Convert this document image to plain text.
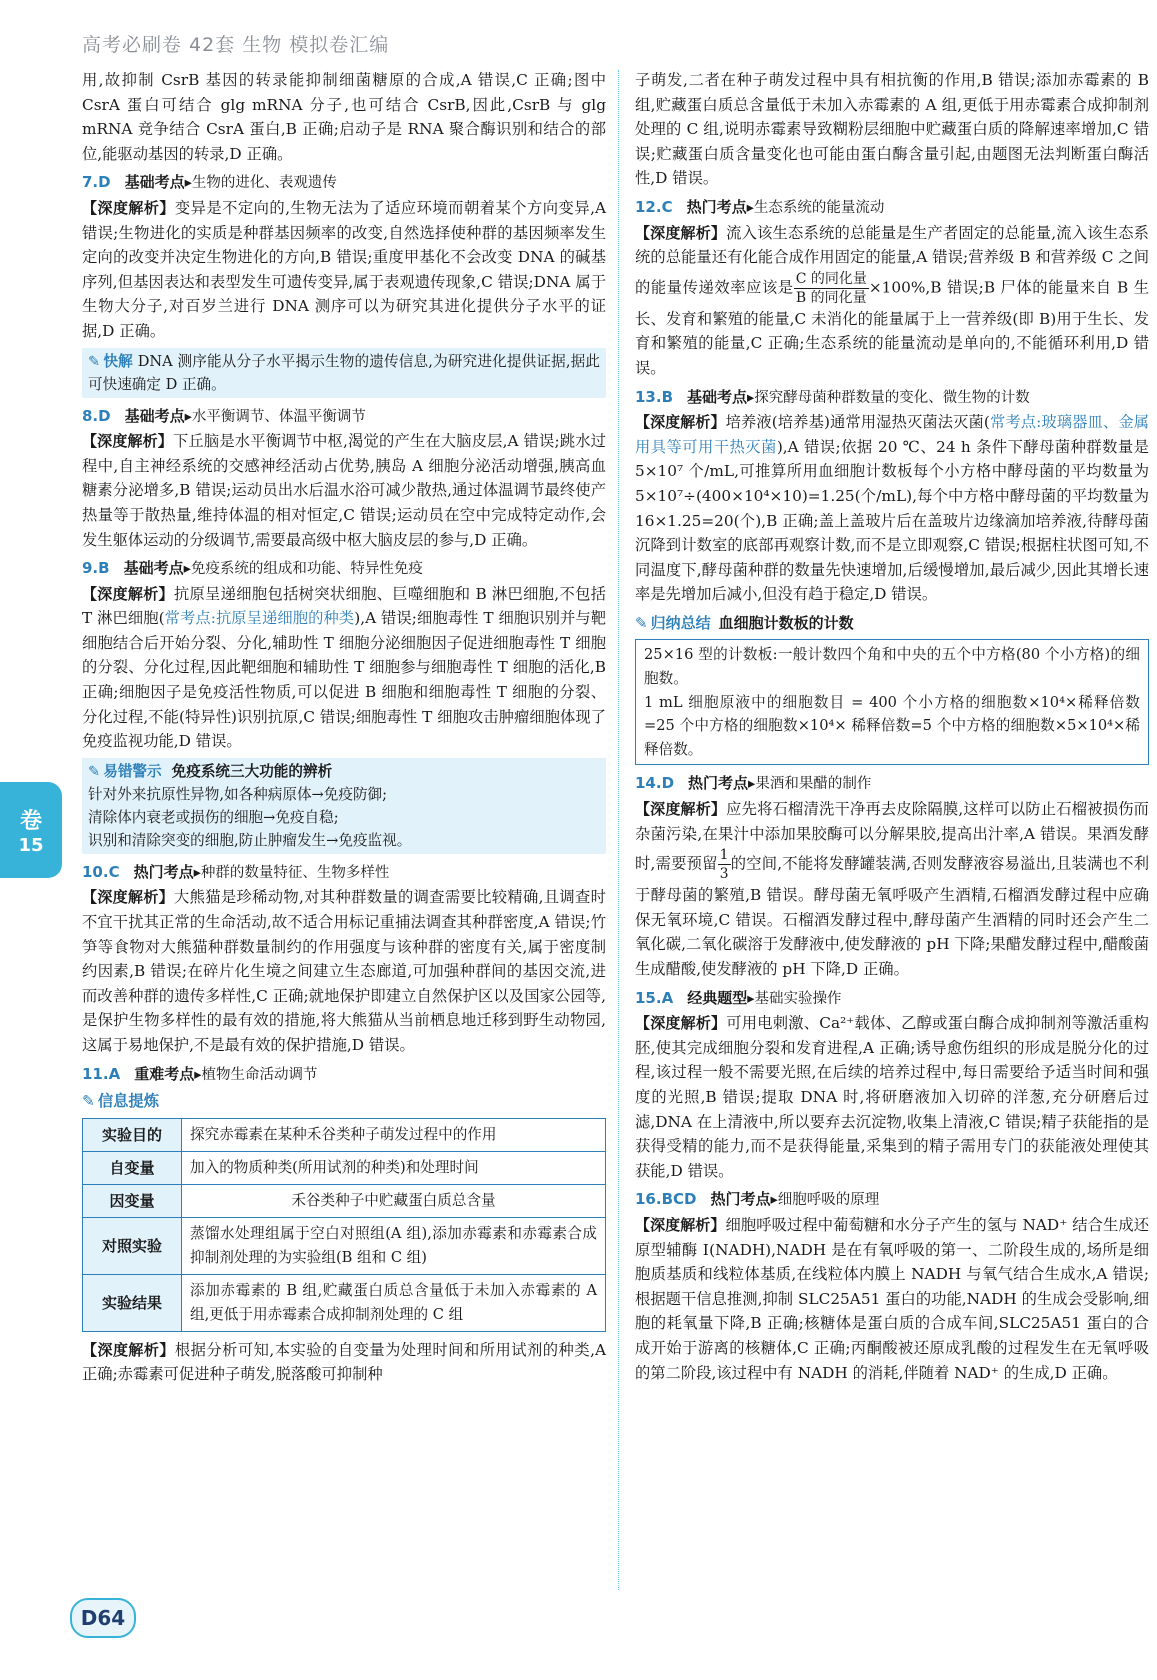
高考必刷卷 42套 生物 模拟卷汇编
卷
15
D64

用,故抑制 CsrB 基因的转录能抑制细菌糖原的合成,A 错误,C 正确;图中 CsrA 蛋白可结合 glg mRNA 分子,也可结合 CsrB,因此,CsrB 与 glg mRNA 竞争结合 CsrA 蛋白,B 正确;启动子是 RNA 聚合酶识别和结合的部位,能驱动基因的转录,D 正确。

7.D 基础考点▸生物的进化、表观遗传

【深度解析】变异是不定向的,生物无法为了适应环境而朝着某个方向变异,A 错误;生物进化的实质是种群基因频率的改变,自然选择使种群的基因频率发生定向的改变并决定生物进化的方向,B 错误;重度甲基化不会改变 DNA 的碱基序列,但基因表达和表型发生可遗传变异,属于表观遗传现象,C 错误;DNA 属于生物大分子,对百岁兰进行 DNA 测序可以为研究其进化提供分子水平的证据,D 正确。

✎ 快解 DNA 测序能从分子水平揭示生物的遗传信息,为研究进化提供证据,据此可快速确定 D 正确。
8.D 基础考点▸水平衡调节、体温平衡调节

【深度解析】下丘脑是水平衡调节中枢,渴觉的产生在大脑皮层,A 错误;跳水过程中,自主神经系统的交感神经活动占优势,胰岛 A 细胞分泌活动增强,胰高血糖素分泌增多,B 错误;运动员出水后温水浴可减少散热,通过体温调节最终使产热量等于散热量,维持体温的相对恒定,C 错误;运动员在空中完成特定动作,会发生躯体运动的分级调节,需要最高级中枢大脑皮层的参与,D 正确。

9.B 基础考点▸免疫系统的组成和功能、特异性免疫

【深度解析】抗原呈递细胞包括树突状细胞、巨噬细胞和 B 淋巴细胞,不包括 T 淋巴细胞(常考点:抗原呈递细胞的种类),A 错误;细胞毒性 T 细胞识别并与靶细胞结合后开始分裂、分化,辅助性 T 细胞分泌细胞因子促进细胞毒性 T 细胞的分裂、分化过程,因此靶细胞和辅助性 T 细胞参与细胞毒性 T 细胞的活化,B 正确;细胞因子是免疫活性物质,可以促进 B 细胞和细胞毒性 T 细胞的分裂、分化过程,不能(特异性)识别抗原,C 错误;细胞毒性 T 细胞攻击肿瘤细胞体现了免疫监视功能,D 错误。

✎ 易错警示 免疫系统三大功能的辨析

针对外来抗原性异物,如各种病原体→免疫防御;

清除体内衰老或损伤的细胞→免疫自稳;

识别和清除突变的细胞,防止肿瘤发生→免疫监视。

10.C 热门考点▸种群的数量特征、生物多样性

【深度解析】大熊猫是珍稀动物,对其种群数量的调查需要比较精确,且调查时不宜干扰其正常的生命活动,故不适合用标记重捕法调查其种群密度,A 错误;竹笋等食物对大熊猫种群数量制约的作用强度与该种群的密度有关,属于密度制约因素,B 错误;在碎片化生境之间建立生态廊道,可加强种群间的基因交流,进而改善种群的遗传多样性,C 正确;就地保护即建立自然保护区以及国家公园等,是保护生物多样性的最有效的措施,将大熊猫从当前栖息地迁移到野生动物园,这属于易地保护,不是最有效的保护措施,D 错误。

11.A 重难考点▸植物生命活动调节
✎ 信息提炼
实验目的	探究赤霉素在某种禾谷类种子萌发过程中的作用
自变量	加入的物质种类(所用试剂的种类)和处理时间
因变量	禾谷类种子中贮藏蛋白质总含量
对照实验	蒸馏水处理组属于空白对照组(A 组),添加赤霉素和赤霉素合成抑制剂处理的为实验组(B 组和 C 组)
实验结果	添加赤霉素的 B 组,贮藏蛋白质总含量低于未加入赤霉素的 A 组,更低于用赤霉素合成抑制剂处理的 C 组

【深度解析】根据分析可知,本实验的自变量为处理时间和所用试剂的种类,A 正确;赤霉素可促进种子萌发,脱落酸可抑制种

子萌发,二者在种子萌发过程中具有相抗衡的作用,B 错误;添加赤霉素的 B 组,贮藏蛋白质总含量低于未加入赤霉素的 A 组,更低于用赤霉素合成抑制剂处理的 C 组,说明赤霉素导致糊粉层细胞中贮藏蛋白质的降解速率增加,C 错误;贮藏蛋白质含量变化也可能由蛋白酶含量引起,由题图无法判断蛋白酶活性,D 错误。

12.C 热门考点▸生态系统的能量流动

【深度解析】流入该生态系统的总能量是生产者固定的总能量,流入该生态系统的总能量还有化能合成作用固定的能量,A 错误;营养级 B 和营养级 C 之间的能量传递效率应该是 $\frac{\text{C 的同化量}}{\text{B 的同化量}} \times 100\%,B$ 错误;B 尸体的能量来自 B 生长、发育和繁殖的能量,C 未消化的能量属于上一营养级(即 B)用于生长、发育和繁殖的能量,C 正确;生态系统的能量流动是单向的,不能循环利用,D 错误。

13.B 基础考点▸探究酵母菌种群数量的变化、微生物的计数

【深度解析】培养液(培养基)通常用湿热灭菌法灭菌(常考点:玻璃器皿、金属用具等可用干热灭菌),A 错误;依据 20 ℃、24 h 条件下酵母菌种群数量是 5×10⁷ 个/mL,可推算所用血细胞计数板每个小方格中酵母菌的平均数量为 5×10⁷÷(400×10⁴×10)=1.25(个/mL),每个中方格中酵母菌的平均数量为 16×1.25=20(个),B 正确;盖上盖玻片后在盖玻片边缘滴加培养液,待酵母菌沉降到计数室的底部再观察计数,而不是立即观察,C 错误;根据柱状图可知,不同温度下,酵母菌种群的数量先快速增加,后缓慢增加,最后减少,因此其增长速率是先增加后减小,但没有趋于稳定,D 错误。

✎ 归纳总结 血细胞计数板的计数

25×16 型的计数板:一般计数四个角和中央的五个中方格(80 个小方格)的细胞数。

1 mL 细胞原液中的细胞数目 = 400 个小方格的细胞数×10⁴×稀释倍数=25 个中方格的细胞数×10⁴× 稀释倍数=5 个中方格的细胞数×5×10⁴×稀释倍数。

14.D 热门考点▸果酒和果醋的制作

【深度解析】应先将石榴清洗干净再去皮除隔膜,这样可以防止石榴被损伤而杂菌污染,在果汁中添加果胶酶可以分解果胶,提高出汁率,A 错误。果酒发酵时,需要预留 $\frac{1}{3}$ 的空间,不能将发酵罐装满,否则发酵液容易溢出,且装满也不利于酵母菌的繁殖,B 错误。酵母菌无氧呼吸产生酒精,石榴酒发酵过程中应确保无氧环境,C 错误。石榴酒发酵过程中,酵母菌产生酒精的同时还会产生二氧化碳,二氧化碳溶于发酵液中,使发酵液的 pH 下降;果醋发酵过程中,醋酸菌生成醋酸,使发酵液的 pH 下降,D 正确。

15.A 经典题型▸基础实验操作

【深度解析】可用电刺激、Ca²⁺载体、乙醇或蛋白酶合成抑制剂等激活重构胚,使其完成细胞分裂和发育进程,A 正确;诱导愈伤组织的形成是脱分化的过程,该过程一般不需要光照,在后续的培养过程中,每日需要给予适当时间和强度的光照,B 错误;提取 DNA 时,将研磨液加入切碎的洋葱,充分研磨后过滤,DNA 在上清液中,所以要弃去沉淀物,收集上清液,C 错误;精子获能指的是获得受精的能力,而不是获得能量,采集到的精子需用专门的获能液处理使其获能,D 错误。

16.BCD 热门考点▸细胞呼吸的原理

【深度解析】细胞呼吸过程中葡萄糖和水分子产生的氢与 NAD⁺ 结合生成还原型辅酶 Ⅰ(NADH),NADH 是在有氧呼吸的第一、二阶段生成的,场所是细胞质基质和线粒体基质,在线粒体内膜上 NADH 与氧气结合生成水,A 错误;根据题干信息推测,抑制 SLC25A51 蛋白的功能,NADH 的生成会受影响,细胞的耗氧量下降,B 正确;核糖体是蛋白质的合成车间,SLC25A51 蛋白的合成开始于游离的核糖体,C 正确;丙酮酸被还原成乳酸的过程发生在无氧呼吸的第二阶段,该过程中有 NADH 的消耗,伴随着 NAD⁺ 的生成,D 正确。
